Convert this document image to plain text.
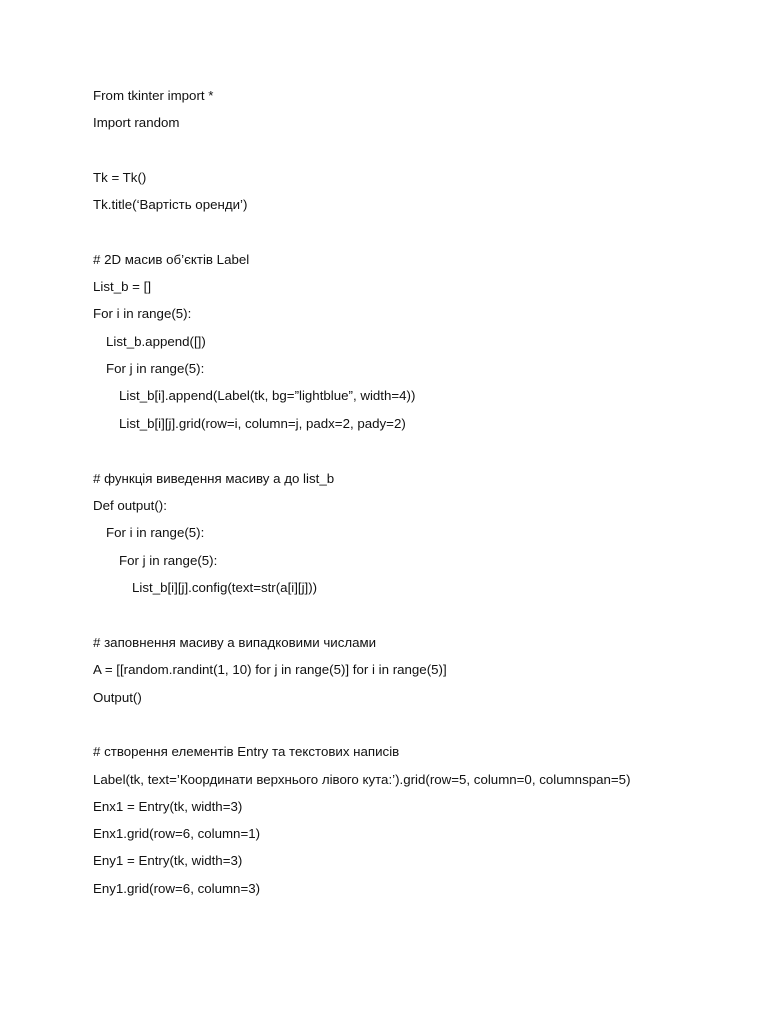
From tkinter import *
Import random
Tk = Tk()
Tk.title(‘Вартість оренди’)
# 2D масив об’єктів Label
List_b = []
For i in range(5):
List_b.append([])
For j in range(5):
List_b[i].append(Label(tk, bg=”lightblue”, width=4))
List_b[i][j].grid(row=i, column=j, padx=2, pady=2)
# функція виведення масиву а до list_b
Def output():
For i in range(5):
For j in range(5):
List_b[i][j].config(text=str(a[i][j]))
# заповнення масиву а випадковими числами
A = [[random.randint(1, 10) for j in range(5)] for i in range(5)]
Output()
# створення елементів Entry та текстових написів
Label(tk, text=’Координати верхнього лівого кута:’).grid(row=5, column=0, columnspan=5)
Enx1 = Entry(tk, width=3)
Enx1.grid(row=6, column=1)
Eny1 = Entry(tk, width=3)
Eny1.grid(row=6, column=3)
